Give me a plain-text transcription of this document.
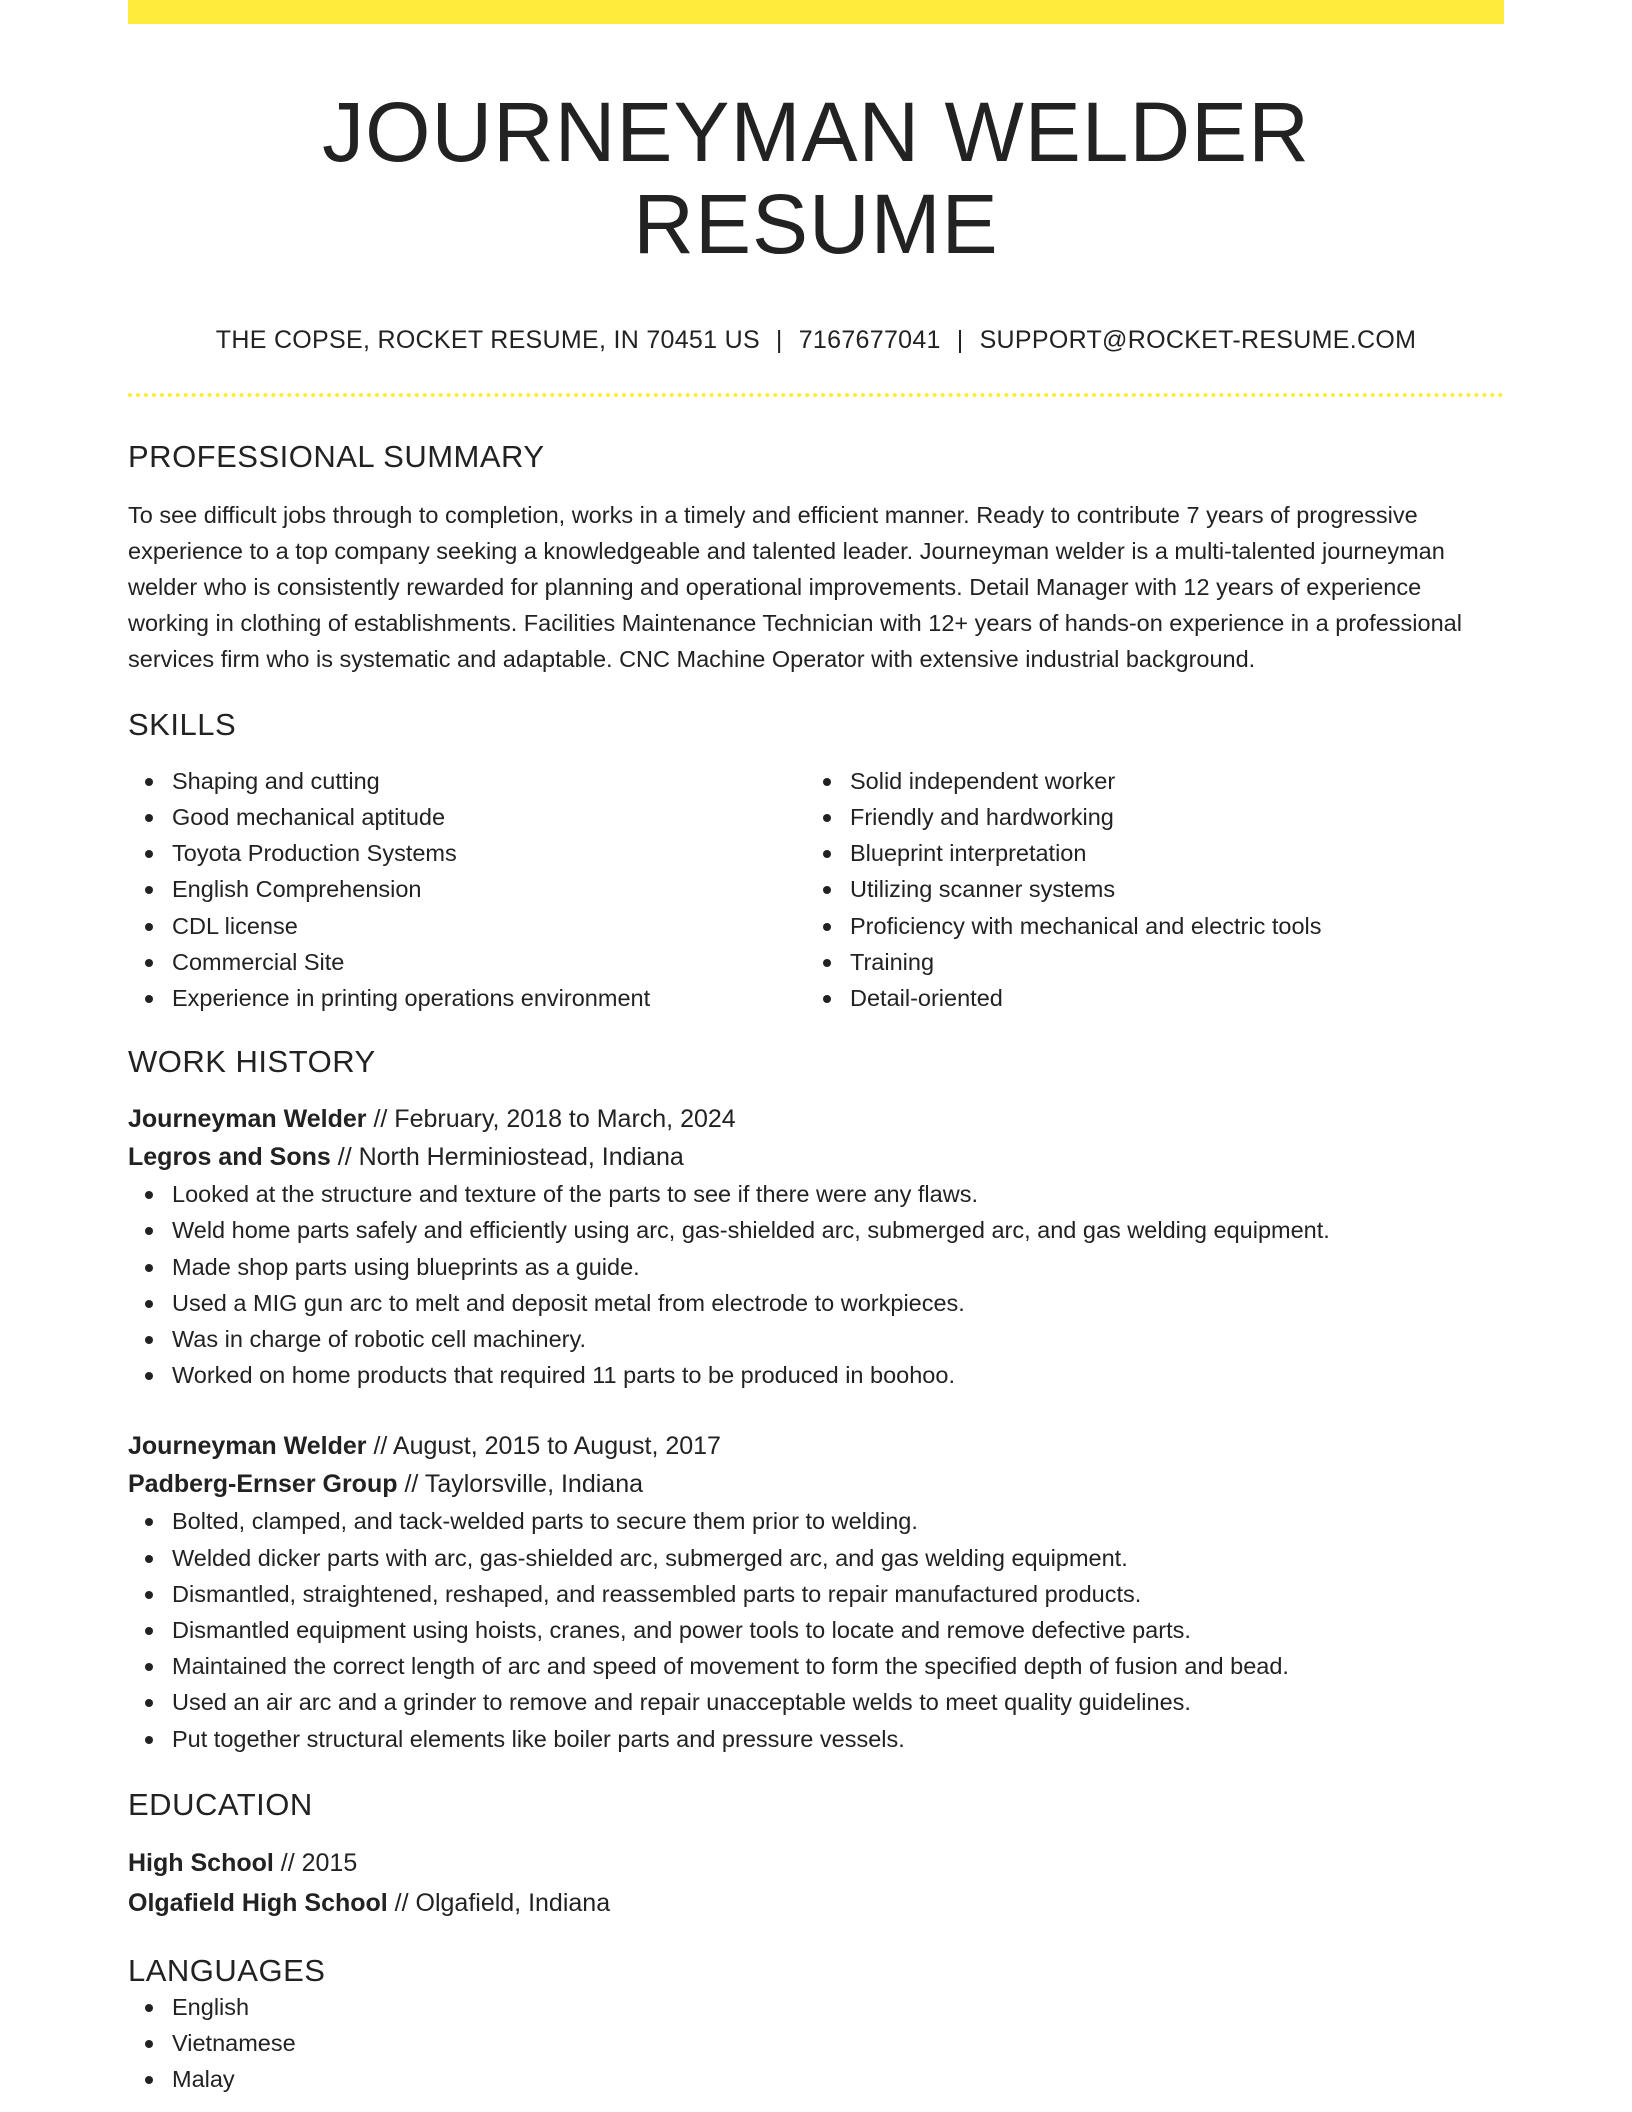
JOURNEYMAN WELDER RESUME
THE COPSE, ROCKET RESUME, IN 70451 US | 7167677041 | SUPPORT@ROCKET-RESUME.COM
PROFESSIONAL SUMMARY

To see difficult jobs through to completion, works in a timely and efficient manner. Ready to contribute 7 years of progressive experience to a top company seeking a knowledgeable and talented leader. Journeyman welder is a multi-talented journeyman welder who is consistently rewarded for planning and operational improvements. Detail Manager with 12 years of experience working in clothing of establishments. Facilities Maintenance Technician with 12+ years of hands-on experience in a professional services firm who is systematic and adaptable. CNC Machine Operator with extensive industrial background.

SKILLS
Shaping and cutting
Good mechanical aptitude
Toyota Production Systems
English Comprehension
CDL license
Commercial Site
Experience in printing operations environment
Solid independent worker
Friendly and hardworking
Blueprint interpretation
Utilizing scanner systems
Proficiency with mechanical and electric tools
Training
Detail-oriented
WORK HISTORY
Journeyman Welder // February, 2018 to March, 2024
Legros and Sons // North Herminiostead, Indiana
Looked at the structure and texture of the parts to see if there were any flaws.
Weld home parts safely and efficiently using arc, gas-shielded arc, submerged arc, and gas welding equipment.
Made shop parts using blueprints as a guide.
Used a MIG gun arc to melt and deposit metal from electrode to workpieces.
Was in charge of robotic cell machinery.
Worked on home products that required 11 parts to be produced in boohoo.
Journeyman Welder // August, 2015 to August, 2017
Padberg-Ernser Group // Taylorsville, Indiana
Bolted, clamped, and tack-welded parts to secure them prior to welding.
Welded dicker parts with arc, gas-shielded arc, submerged arc, and gas welding equipment.
Dismantled, straightened, reshaped, and reassembled parts to repair manufactured products.
Dismantled equipment using hoists, cranes, and power tools to locate and remove defective parts.
Maintained the correct length of arc and speed of movement to form the specified depth of fusion and bead.
Used an air arc and a grinder to remove and repair unacceptable welds to meet quality guidelines.
Put together structural elements like boiler parts and pressure vessels.
EDUCATION
High School // 2015
Olgafield High School // Olgafield, Indiana
LANGUAGES
English
Vietnamese
Malay
